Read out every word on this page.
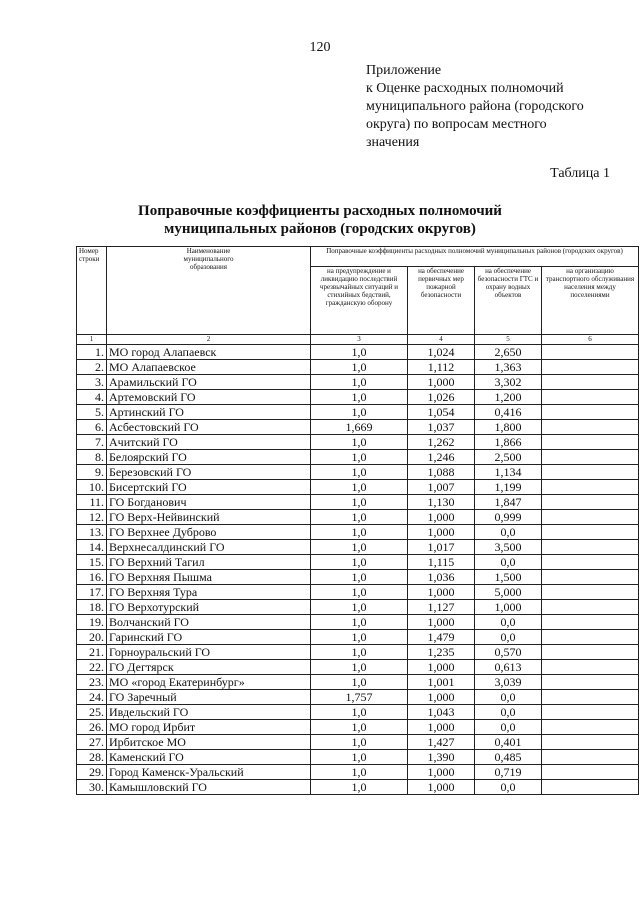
120
Приложение
к Оценке расходных полномочий
муниципального района (городского
округа) по вопросам местного
значения
Таблица 1
Поправочные коэффициенты расходных полномочий
муниципальных районов (городских округов)
Номер строки	Наименование муниципального образования	Поправочные коэффициенты расходных полномочий муниципальных районов (городских округов)			
		на предупреждение и ликвидацию последствий чрезвычайных ситуаций и стихийных бедствий, гражданскую оборону	на обеспечение первичных мер пожарной безопасности	на обеспечение безопасности ГТС и охрану водных объектов	на организацию транспортного обслуживания населения между поселениями
1	2	3	4	5	6
1.	МО город Алапаевск	1,0	1,024	2,650	
2.	МО Алапаевское	1,0	1,112	1,363	
3.	Арамильский ГО	1,0	1,000	3,302	
4.	Артемовский ГО	1,0	1,026	1,200	
5.	Артинский ГО	1,0	1,054	0,416	
6.	Асбестовский ГО	1,669	1,037	1,800	
7.	Ачитский ГО	1,0	1,262	1,866	
8.	Белоярский ГО	1,0	1,246	2,500	
9.	Березовский ГО	1,0	1,088	1,134	
10.	Бисертский ГО	1,0	1,007	1,199	
11.	ГО Богданович	1,0	1,130	1,847	
12.	ГО Верх-Нейвинский	1,0	1,000	0,999	
13.	ГО Верхнее Дуброво	1,0	1,000	0,0	
14.	Верхнесалдинский ГО	1,0	1,017	3,500	
15.	ГО Верхний Тагил	1,0	1,115	0,0	
16.	ГО Верхняя Пышма	1,0	1,036	1,500	
17.	ГО Верхняя Тура	1,0	1,000	5,000	
18.	ГО Верхотурский	1,0	1,127	1,000	
19.	Волчанский ГО	1,0	1,000	0,0	
20.	Гаринский ГО	1,0	1,479	0,0	
21.	Горноуральский ГО	1,0	1,235	0,570	
22.	ГО Дегтярск	1,0	1,000	0,613	
23.	МО «город Екатеринбург»	1,0	1,001	3,039	
24.	ГО Заречный	1,757	1,000	0,0	
25.	Ивдельский ГО	1,0	1,043	0,0	
26.	МО город Ирбит	1,0	1,000	0,0	
27.	Ирбитское МО	1,0	1,427	0,401	
28.	Каменский ГО	1,0	1,390	0,485	
29.	Город Каменск-Уральский	1,0	1,000	0,719	
30.	Камышловский ГО	1,0	1,000	0,0	
